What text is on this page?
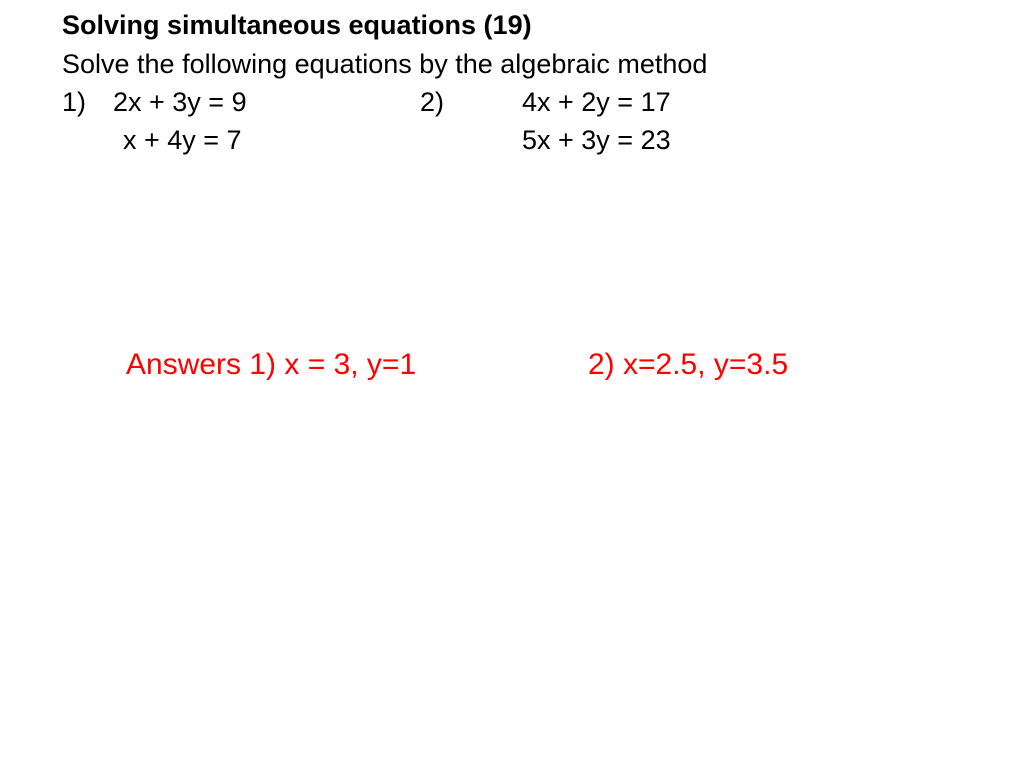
Solving simultaneous equations (19)
Solve the following equations by the algebraic method
1) 2x + 3y = 9
x + 4y = 7
2)	4x + 2y = 17
5x + 3y = 23
Answers 1) x = 3, y=1	2) x=2.5, y=3.5
